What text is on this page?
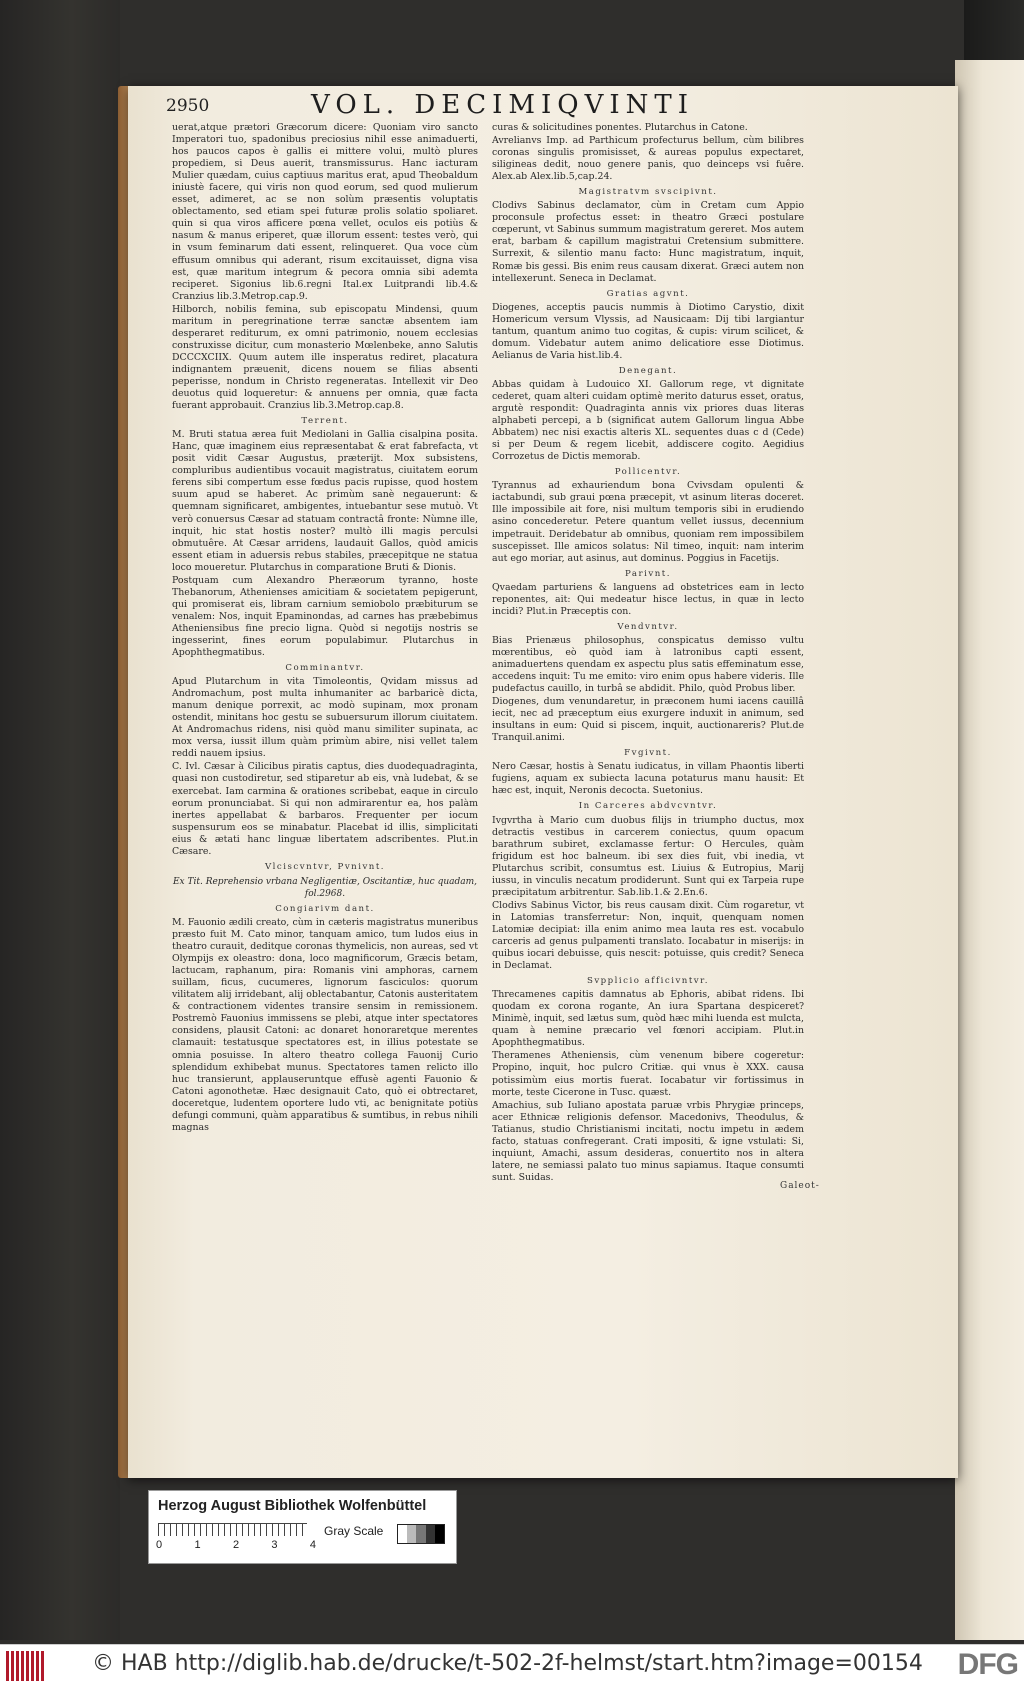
2950	VOL. DECIMIQVINTI

uerat,atque prætori Græcorum dicere: Quoniam viro sancto Imperatori tuo, spadonibus preciosius nihil esse animaduerti, hos paucos capos è gallis ei mittere volui, multò plures propediem, si Deus auerit, transmissurus. Hanc iacturam Mulier quædam, cuius captiuus maritus erat, apud Theobaldum iniustè facere, qui viris non quod eorum, sed quod mulierum esset, adimeret, ac se non solùm præsentis voluptatis oblectamento, sed etiam spei futuræ prolis solatio spoliaret. quin si qua viros afficere pœna vellet, oculos eis potiùs & nasum & manus eriperet, quæ illorum essent: testes verò, qui in vsum feminarum dati essent, relinqueret. Qua voce cùm effusum omnibus qui aderant, risum excitauisset, digna visa est, quæ maritum integrum & pecora omnia sibi ademta reciperet. Sigonius lib.6.regni Ital.ex Luitprandi lib.4.& Cranzius lib.3.Metrop.cap.9.

Hilborch, nobilis femina, sub episcopatu Mindensi, quum maritum in peregrinatione terræ sanctæ absentem iam desperaret rediturum, ex omni patrimonio, nouem ecclesias construxisse dicitur, cum monasterio Mœlenbeke, anno Salutis DCCCXCIIX. Quum autem ille insperatus rediret, placatura indignantem præuenit, dicens nouem se filias absenti peperisse, nondum in Christo regeneratas. Intellexit vir Deo deuotus quid loqueretur: & annuens per omnia, quæ facta fuerant approbauit. Cranzius lib.3.Metrop.cap.8.

Terrent.

M. Bruti statua ærea fuit Mediolani in Gallia cisalpina posita. Hanc, quæ imaginem eius repræsentabat & erat fabrefacta, vt posit vidit Cæsar Augustus, præterijt. Mox subsistens, compluribus audientibus vocauit magistratus, ciuitatem eorum ferens sibi compertum esse fœdus pacis rupisse, quod hostem suum apud se haberet. Ac primùm sanè negauerunt: & quemnam significaret, ambigentes, intuebantur sese mutuò. Vt verò conuersus Cæsar ad statuam contractâ fronte: Nùmne ille, inquit, hic stat hostis noster? multò illi magis perculsi obmutuêre. At Cæsar arridens, laudauit Gallos, quòd amicis essent etiam in aduersis rebus stabiles, præcepitque ne statua loco moueretur. Plutarchus in comparatione Bruti & Dionis.

Postquam cum Alexandro Pheræorum tyranno, hoste Thebanorum, Athenienses amicitiam & societatem pepigerunt, qui promiserat eis, libram carnium semiobolo præbiturum se venalem: Nos, inquit Epaminondas, ad carnes has præbebimus Atheniensibus fine precio ligna. Quòd si negotijs nostris se ingesserint, fines eorum populabimur. Plutarchus in Apophthegmatibus.

Comminantvr.

Apud Plutarchum in vita Timoleontis, Qvidam missus ad Andromachum, post multa inhumaniter ac barbaricè dicta, manum denique porrexit, ac modò supinam, mox pronam ostendit, minitans hoc gestu se subuersurum illorum ciuitatem. At Andromachus ridens, nisi quòd manu similiter supinata, ac mox versa, iussit illum quàm primùm abire, nisi vellet talem reddi nauem ipsius.

C. Ivl. Cæsar à Cilicibus piratis captus, dies duodequadraginta, quasi non custodiretur, sed stiparetur ab eis, vnà ludebat, & se exercebat. Iam carmina & orationes scribebat, eaque in circulo eorum pronunciabat. Si qui non admirarentur ea, hos palàm inertes appellabat & barbaros. Frequenter per iocum suspensurum eos se minabatur. Placebat id illis, simplicitati eius & ætati hanc linguæ libertatem adscribentes. Plut.in Cæsare.

Vlciscvntvr, Pvnivnt.
Ex Tit. Reprehensio vrbana Negligentiæ, Oscitantiæ, huc quadam, fol.2968.
Congiarivm dant.

M. Fauonio ædili creato, cùm in cæteris magistratus muneribus præsto fuit M. Cato minor, tanquam amico, tum ludos eius in theatro curauit, deditque coronas thymelicis, non aureas, sed vt Olympijs ex oleastro: dona, loco magnificorum, Græcis betam, lactucam, raphanum, pira: Romanis vini amphoras, carnem suillam, ficus, cucumeres, lignorum fasciculos: quorum vilitatem alij irridebant, alij oblectabantur, Catonis austeritatem & contractionem videntes transire sensim in remissionem. Postremò Fauonius immissens se plebi, atque inter spectatores considens, plausit Catoni: ac donaret honoraretque merentes clamauit: testatusque spectatores est, in illius potestate se omnia posuisse. In altero theatro collega Fauonij Curio splendidum exhibebat munus. Spectatores tamen relicto illo huc transierunt, applauseruntque effusè agenti Fauonio & Catoni agonothetæ. Hæc designauit Cato, quò ei obtrectaret, doceretque, ludentem oportere ludo vti, ac benignitate potiùs defungi communi, quàm apparatibus & sumtibus, in rebus nihili magnas

curas & solicitudines ponentes. Plutarchus in Catone.

Avrelianvs Imp. ad Parthicum profecturus bellum, cùm bilibres coronas singulis promisisset, & aureas populus expectaret, siligineas dedit, nouo genere panis, quo deinceps vsi fuêre. Alex.ab Alex.lib.5,cap.24.

Magistratvm svscipivnt.

Clodivs Sabinus declamator, cùm in Cretam cum Appio proconsule profectus esset: in theatro Græci postulare cœperunt, vt Sabinus summum magistratum gereret. Mos autem erat, barbam & capillum magistratui Cretensium submittere. Surrexit, & silentio manu facto: Hunc magistratum, inquit, Romæ bis gessi. Bis enim reus causam dixerat. Græci autem non intellexerunt. Seneca in Declamat.

Gratias agvnt.

Diogenes, acceptis paucis nummis à Diotimo Carystio, dixit Homericum versum Vlyssis, ad Nausicaam: Dij tibi largiantur tantum, quantum animo tuo cogitas, & cupis: virum scilicet, & domum. Videbatur autem animo delicatiore esse Diotimus. Aelianus de Varia hist.lib.4.

Denegant.

Abbas quidam à Ludouico XI. Gallorum rege, vt dignitate cederet, quam alteri cuidam optimè merito daturus esset, oratus, argutè respondit: Quadraginta annis vix priores duas literas alphabeti percepi, a b (significat autem Gallorum lingua Abbe Abbatem) nec nisi exactis alteris XL. sequentes duas c d (Cede) si per Deum & regem licebit, addiscere cogito. Aegidius Corrozetus de Dictis memorab.

Pollicentvr.

Tyrannus ad exhauriendum bona Cvivsdam opulenti & iactabundi, sub graui pœna præcepit, vt asinum literas doceret. Ille impossibile ait fore, nisi multum temporis sibi in erudiendo asino concederetur. Petere quantum vellet iussus, decennium impetrauit. Deridebatur ab omnibus, quoniam rem impossibilem suscepisset. Ille amicos solatus: Nil timeo, inquit: nam interim aut ego moriar, aut asinus, aut dominus. Poggius in Facetijs.

Parivnt.

Qvaedam parturiens & languens ad obstetrices eam in lecto reponentes, ait: Qui medeatur hisce lectus, in quæ in lecto incidi? Plut.in Præceptis con.

Vendvntvr.

Bias Prienæus philosophus, conspicatus demisso vultu mœrentibus, eò quòd iam à latronibus capti essent, animaduertens quendam ex aspectu plus satis effeminatum esse, accedens inquit: Tu me emito: viro enim opus habere videris. Ille pudefactus cauillo, in turbâ se abdidit. Philo, quòd Probus liber.

Diogenes, dum venundaretur, in præconem humi iacens cauillâ iecit, nec ad præceptum eius exurgere induxit in animum, sed insultans in eum: Quid si piscem, inquit, auctionareris? Plut.de Tranquil.animi.

Fvgivnt.

Nero Cæsar, hostis à Senatu iudicatus, in villam Phaontis liberti fugiens, aquam ex subiecta lacuna potaturus manu hausit: Et hæc est, inquit, Neronis decocta. Suetonius.

In Carceres abdvcvntvr.

Ivgvrtha à Mario cum duobus filijs in triumpho ductus, mox detractis vestibus in carcerem coniectus, quum opacum barathrum subiret, exclamasse fertur: O Hercules, quàm frigidum est hoc balneum. ibi sex dies fuit, vbi inedia, vt Plutarchus scribit, consumtus est. Liuius & Eutropius, Marij iussu, in vinculis necatum prodiderunt. Sunt qui ex Tarpeia rupe præcipitatum arbitrentur. Sab.lib.1.& 2.En.6.

Clodivs Sabinus Victor, bis reus causam dixit. Cùm rogaretur, vt in Latomias transferretur: Non, inquit, quenquam nomen Latomiæ decipiat: illa enim animo mea lauta res est. vocabulo carceris ad genus pulpamenti translato. Iocabatur in miserijs: in quibus iocari debuisse, quis nescit: potuisse, quis credit? Seneca in Declamat.

Svpplicio afficivntvr.

Threcamenes capitis damnatus ab Ephoris, abibat ridens. Ibi quodam ex corona rogante, An iura Spartana despiceret? Minimè, inquit, sed lætus sum, quòd hæc mihi luenda est mulcta, quam à nemine præcario vel fœnori accipiam. Plut.in Apophthegmatibus.

Theramenes Atheniensis, cùm venenum bibere cogeretur: Propino, inquit, hoc pulcro Critiæ. qui vnus è XXX. causa potissimùm eius mortis fuerat. Iocabatur vir fortissimus in morte, teste Cicerone in Tusc. quæst.

Amachius, sub Iuliano apostata paruæ vrbis Phrygiæ princeps, acer Ethnicæ religionis defensor. Macedonivs, Theodulus, & Tatianus, studio Christianismi incitati, noctu impetu in ædem facto, statuas confregerant. Crati impositi, & igne vstulati: Si, inquiunt, Amachi, assum desideras, conuertito nos in altera latere, ne semiassi palato tuo minus sapiamus. Itaque consumti sunt. Suidas.

Galeot-
Herzog August Bibliothek Wolfenbüttel
0	1	2	3	4
Gray Scale
© HAB http://diglib.hab.de/drucke/t-502-2f-helmst/start.htm?image=00154 DFG
